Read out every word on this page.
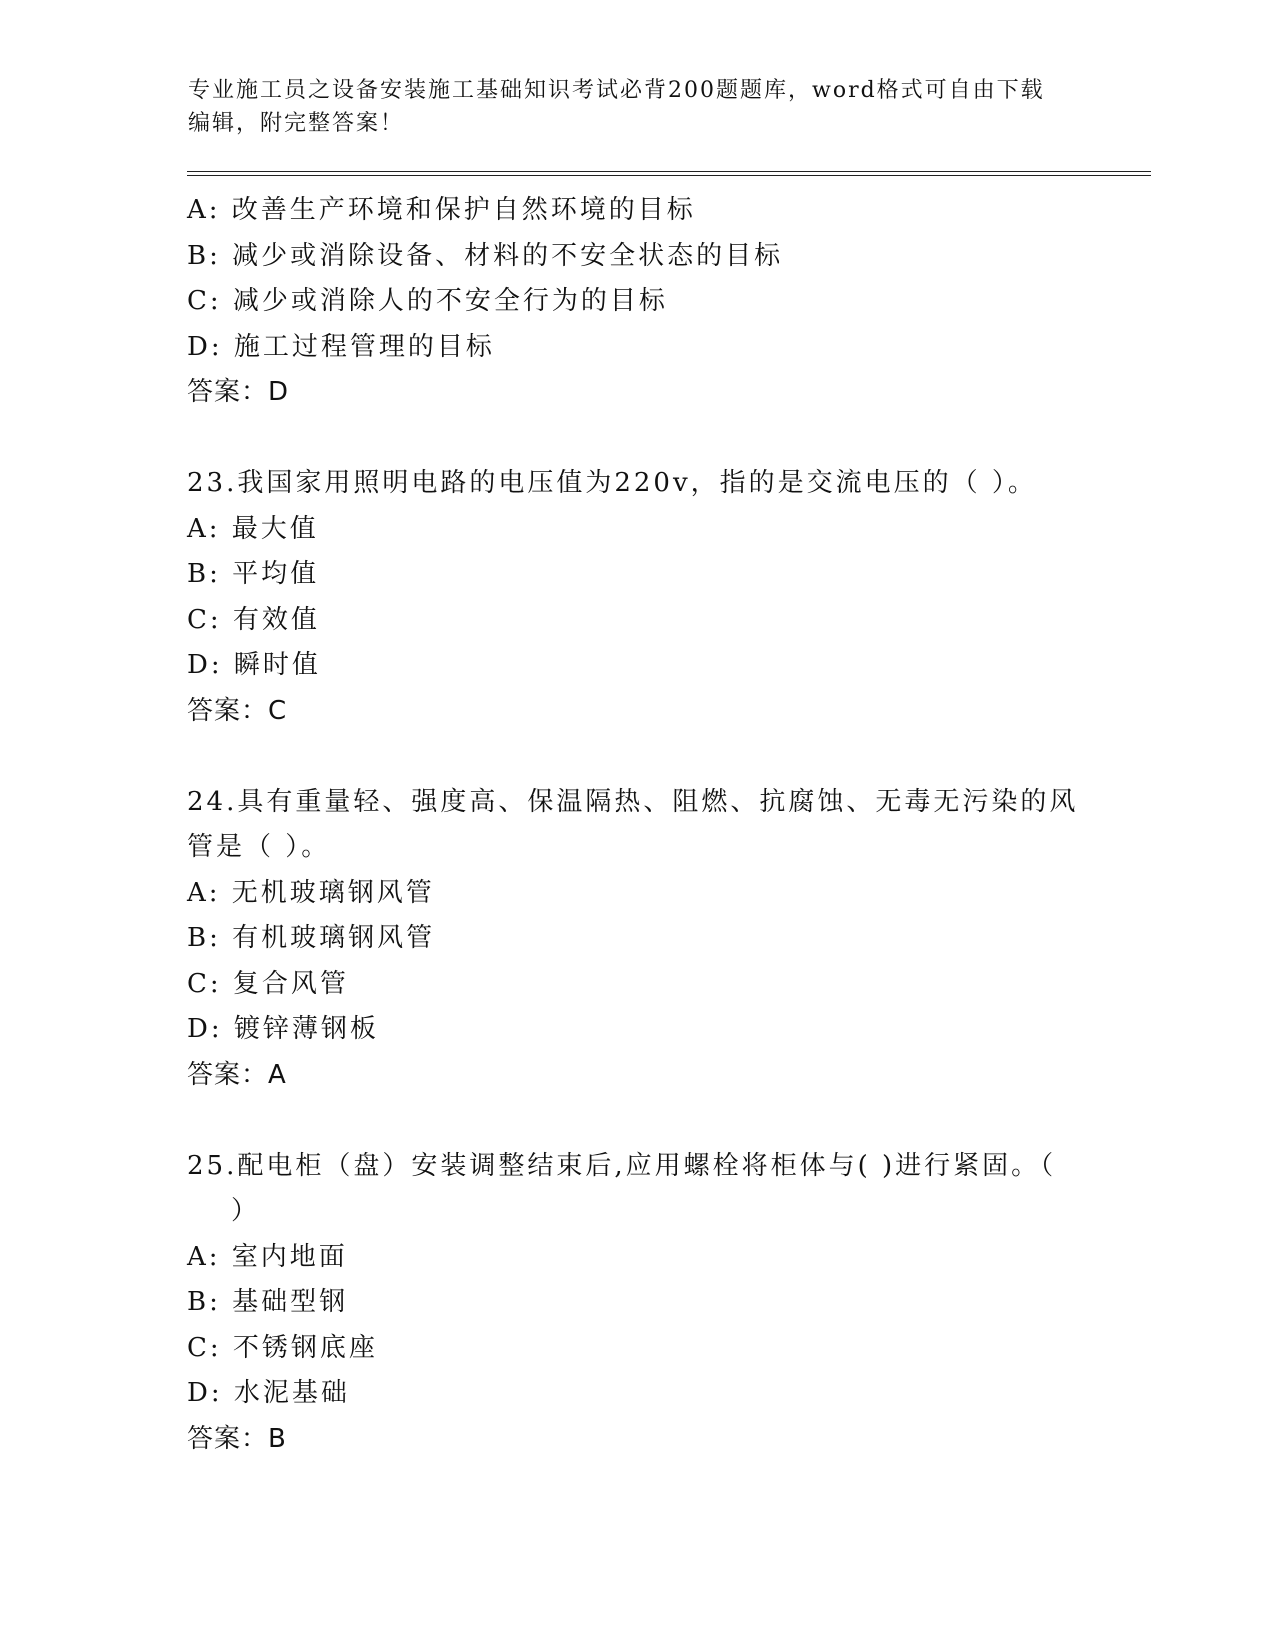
专业施工员之设备安装施工基础知识考试必背200题题库，word格式可自由下载
编辑，附完整答案！
A: 改善生产环境和保护自然环境的目标
B: 减少或消除设备、材料的不安全状态的目标
C: 减少或消除人的不安全行为的目标
D: 施工过程管理的目标
答案：D
23.我国家用照明电路的电压值为220v，指的是交流电压的（ ）。
A: 最大值
B: 平均值
C: 有效值
D: 瞬时值
答案：C
24.具有重量轻、强度高、保温隔热、阻燃、抗腐蚀、无毒无污染的风
管是（ ）。
A: 无机玻璃钢风管
B: 有机玻璃钢风管
C: 复合风管
D: 镀锌薄钢板
答案：A
25.配电柜（盘）安装调整结束后,应用螺栓将柜体与( )进行紧固。（
）
A: 室内地面
B: 基础型钢
C: 不锈钢底座
D: 水泥基础
答案：B
